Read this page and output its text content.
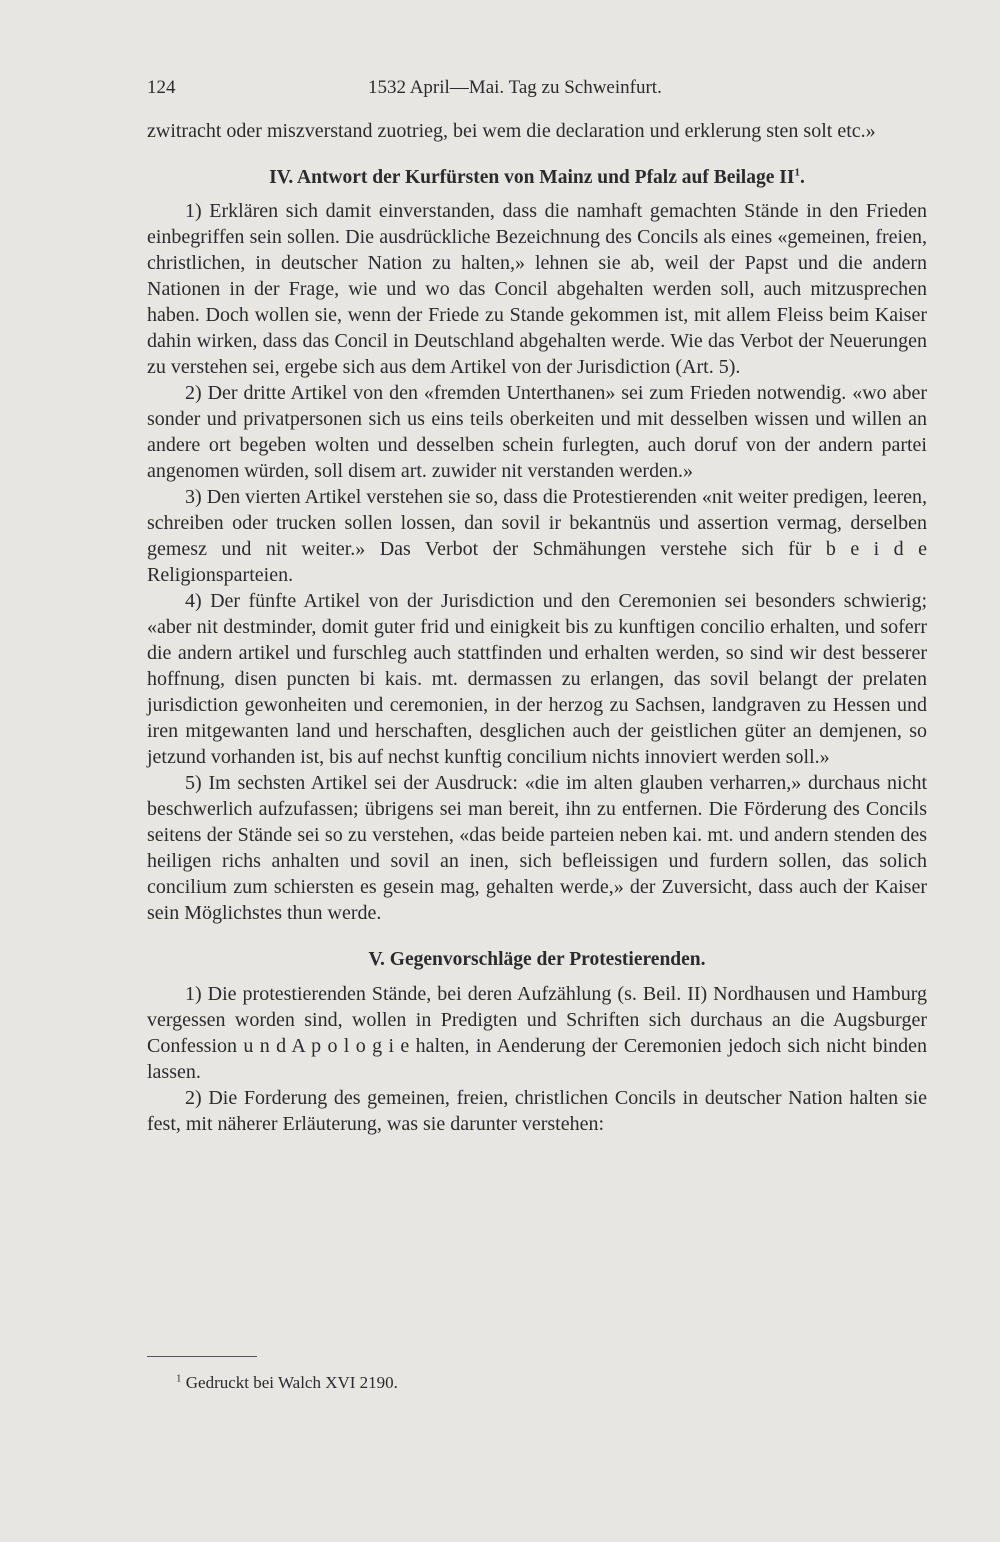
124	1532 April—Mai. Tag zu Schweinfurt.

zwitracht oder miszverstand zuotrieg, bei wem die declaration und erklerung sten solt etc.»

IV. Antwort der Kurfürsten von Mainz und Pfalz auf Beilage $II^1$.

1) Erklären sich damit einverstanden, dass die namhaft gemachten Stände in den Frieden einbegriffen sein sollen. Die ausdrückliche Bezeichnung des Concils als eines «gemeinen, freien, christlichen, in deutscher Nation zu halten,» lehnen sie ab, weil der Papst und die andern Nationen in der Frage, wie und wo das Concil abgehalten werden soll, auch mitzusprechen haben. Doch wollen sie, wenn der Friede zu Stande gekommen ist, mit allem Fleiss beim Kaiser dahin wirken, dass das Concil in Deutschland abgehalten werde. Wie das Verbot der Neuerungen zu verstehen sei, ergebe sich aus dem Artikel von der Jurisdiction (Art. 5).

2) Der dritte Artikel von den «fremden Unterthanen» sei zum Frieden notwendig. «wo aber sonder und privatpersonen sich us eins teils oberkeiten und mit desselben wissen und willen an andere ort begeben wolten und desselben schein furlegten, auch doruf von der andern partei angenomen würden, soll disem art. zuwider nit verstanden werden.»

3) Den vierten Artikel verstehen sie so, dass die Protestierenden «nit weiter predigen, leeren, schreiben oder trucken sollen lossen, dan sovil ir bekantnüs und assertion vermag, derselben gemesz und nit weiter.» Das Verbot der Schmähungen verstehe sich für b e i d e Religionsparteien.

4) Der fünfte Artikel von der Jurisdiction und den Ceremonien sei besonders schwierig; «aber nit destminder, domit guter frid und einigkeit bis zu kunftigen concilio erhalten, und soferr die andern artikel und furschleg auch stattfinden und erhalten werden, so sind wir dest besserer hoffnung, disen puncten bi kais. mt. dermassen zu erlangen, das sovil belangt der prelaten jurisdiction gewonheiten und ceremonien, in der herzog zu Sachsen, landgraven zu Hessen und iren mitgewanten land und herschaften, desglichen auch der geistlichen güter an demjenen, so jetzund vorhanden ist, bis auf nechst kunftig concilium nichts innoviert werden soll.»

5) Im sechsten Artikel sei der Ausdruck: «die im alten glauben verharren,» durchaus nicht beschwerlich aufzufassen; übrigens sei man bereit, ihn zu entfernen. Die Förderung des Concils seitens der Stände sei so zu verstehen, «das beide parteien neben kai. mt. und andern stenden des heiligen richs anhalten und sovil an inen, sich befleissigen und furdern sollen, das solich concilium zum schiersten es gesein mag, gehalten werde,» der Zuversicht, dass auch der Kaiser sein Möglichstes thun werde.

V. Gegenvorschläge der Protestierenden.

1) Die protestierenden Stände, bei deren Aufzählung (s. Beil. II) Nordhausen und Hamburg vergessen worden sind, wollen in Predigten und Schriften sich durchaus an die Augsburger Confession u n d A p o l o g i e halten, in Aenderung der Ceremonien jedoch sich nicht binden lassen.

2) Die Forderung des gemeinen, freien, christlichen Concils in deutscher Nation halten sie fest, mit näherer Erläuterung, was sie darunter verstehen:

$^1$ Gedruckt bei Walch XVI 2190.
